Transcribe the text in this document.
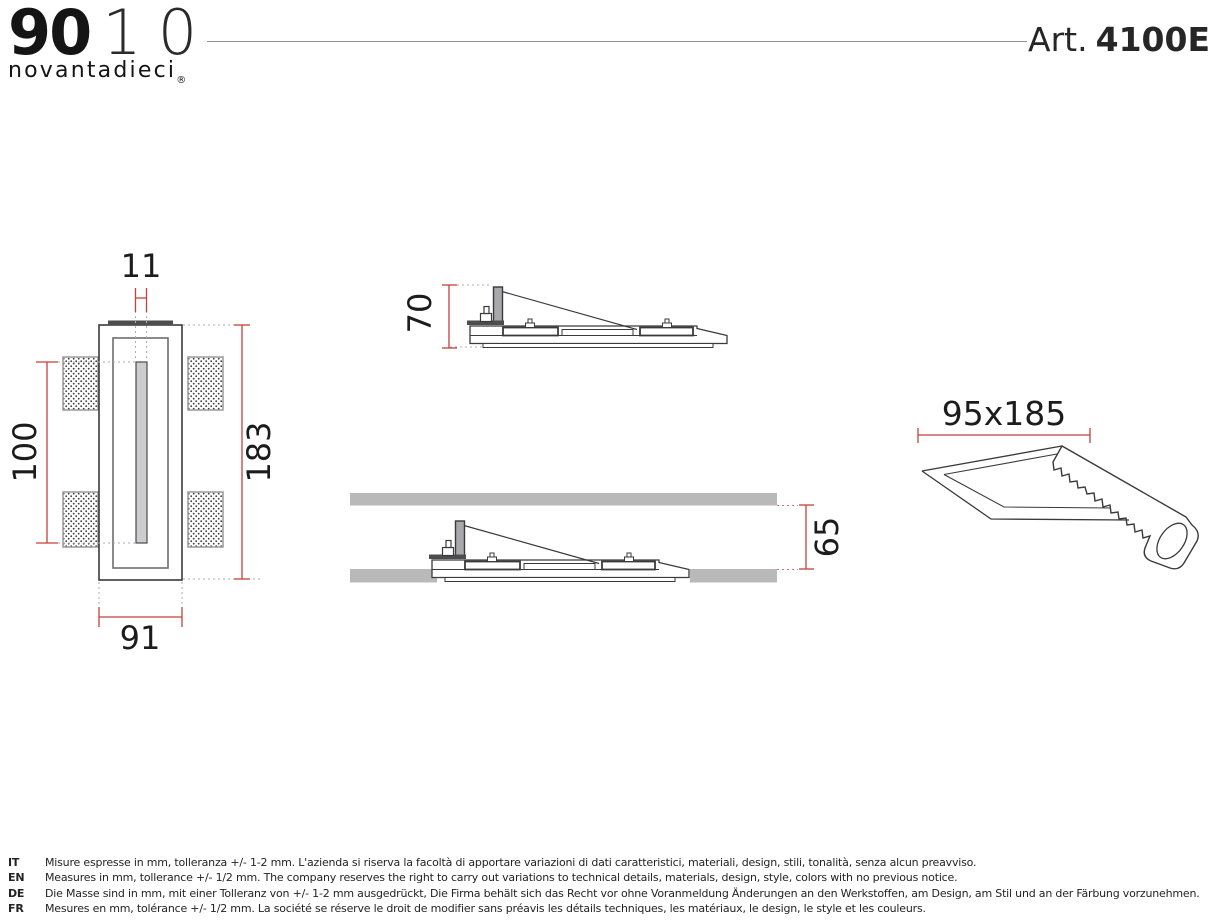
90 10
novantadieci$_®$
Art. 4100E
11
100	183
91
70
65
95x185
IT	Misure espresse in mm, tolleranza +/- 1-2 mm. L'azienda si riserva la facoltà di apportare variazioni di dati caratteristici, materiali, design, stili, tonalità, senza alcun preavviso.
EN	Measures in mm, tollerance +/- 1/2 mm. The company reserves the right to carry out variations to technical details, materials, design, style, colors with no previous notice.
DE	Die Masse sind in mm, mit einer Tolleranz von +/- 1-2 mm ausgedrückt, Die Firma behält sich das Recht vor ohne Voranmeldung Änderungen an den Werkstoffen, am Design, am Stil und an der Färbung vorzunehmen.
FR	Mesures en mm, tolérance +/- 1/2 mm. La société se réserve le droit de modifier sans préavis les détails techniques, les matériaux, le design, le style et les couleurs.
